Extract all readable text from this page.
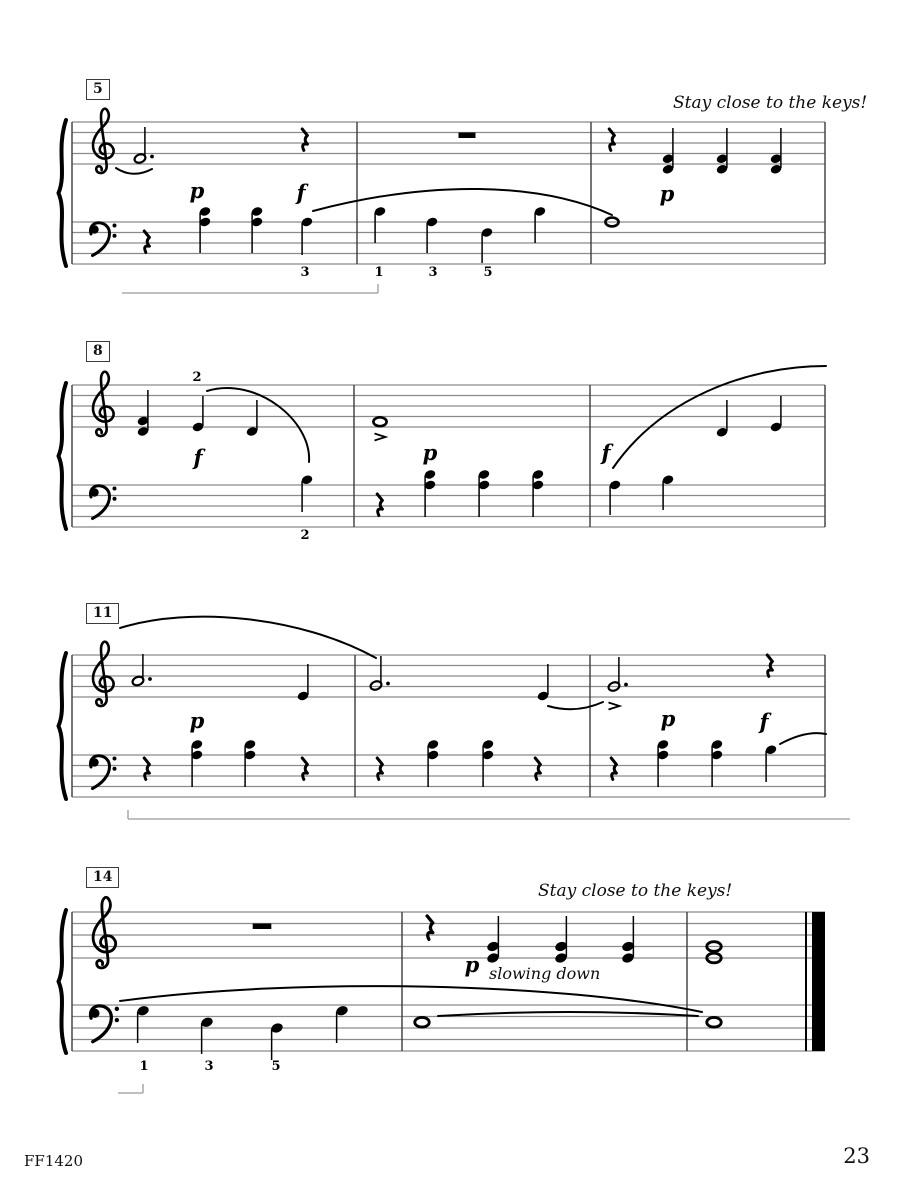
p	f	p
3	1	3	5
2
f
2
p	f
p	p	f
1	3	5
p
5
8
11
14
Stay close to the keys!
Stay close to the keys!
slowing down
FF1420	23
